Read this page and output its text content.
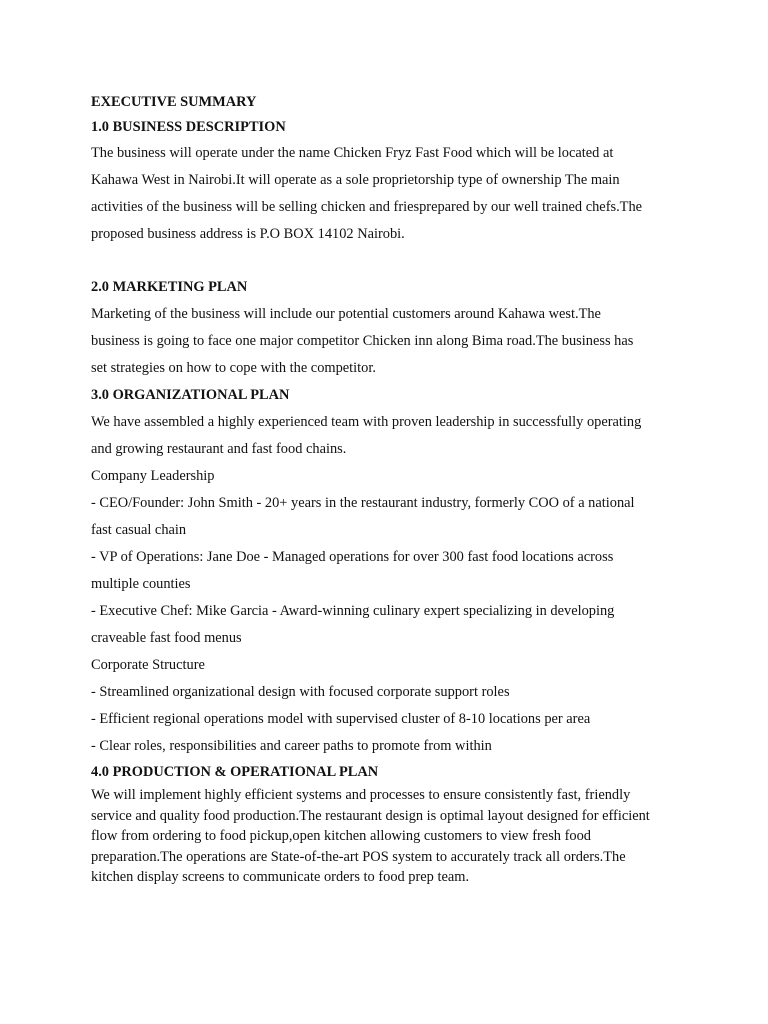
EXECUTIVE SUMMARY
1.0 BUSINESS DESCRIPTION
The business will operate under the name Chicken Fryz Fast Food which will be located at
Kahawa West in Nairobi.It will operate as a sole proprietorship type of ownership The main
activities of the business will be selling chicken and friesprepared by our well trained chefs.The
proposed business address is P.O BOX 14102 Nairobi.
2.0 MARKETING PLAN
Marketing of the business will include our potential customers around Kahawa west.The
business is going to face one major competitor Chicken inn along Bima road.The business has
set strategies on how to cope with the competitor.
3.0 ORGANIZATIONAL PLAN
We have assembled a highly experienced team with proven leadership in successfully operating
and growing restaurant and fast food chains.
Company Leadership
- CEO/Founder: John Smith - 20+ years in the restaurant industry, formerly COO of a national
fast casual chain
- VP of Operations: Jane Doe - Managed operations for over 300 fast food locations across
multiple counties
- Executive Chef: Mike Garcia - Award-winning culinary expert specializing in developing
craveable fast food menus
Corporate Structure
- Streamlined organizational design with focused corporate support roles
- Efficient regional operations model with supervised cluster of 8-10 locations per area
- Clear roles, responsibilities and career paths to promote from within
4.0 PRODUCTION & OPERATIONAL PLAN
We will implement highly efficient systems and processes to ensure consistently fast, friendly
service and quality food production.The restaurant design is optimal layout designed for efficient
flow from ordering to food pickup,open kitchen allowing customers to view fresh food
preparation.The operations are State-of-the-art POS system to accurately track all orders.The
kitchen display screens to communicate orders to food prep team.
